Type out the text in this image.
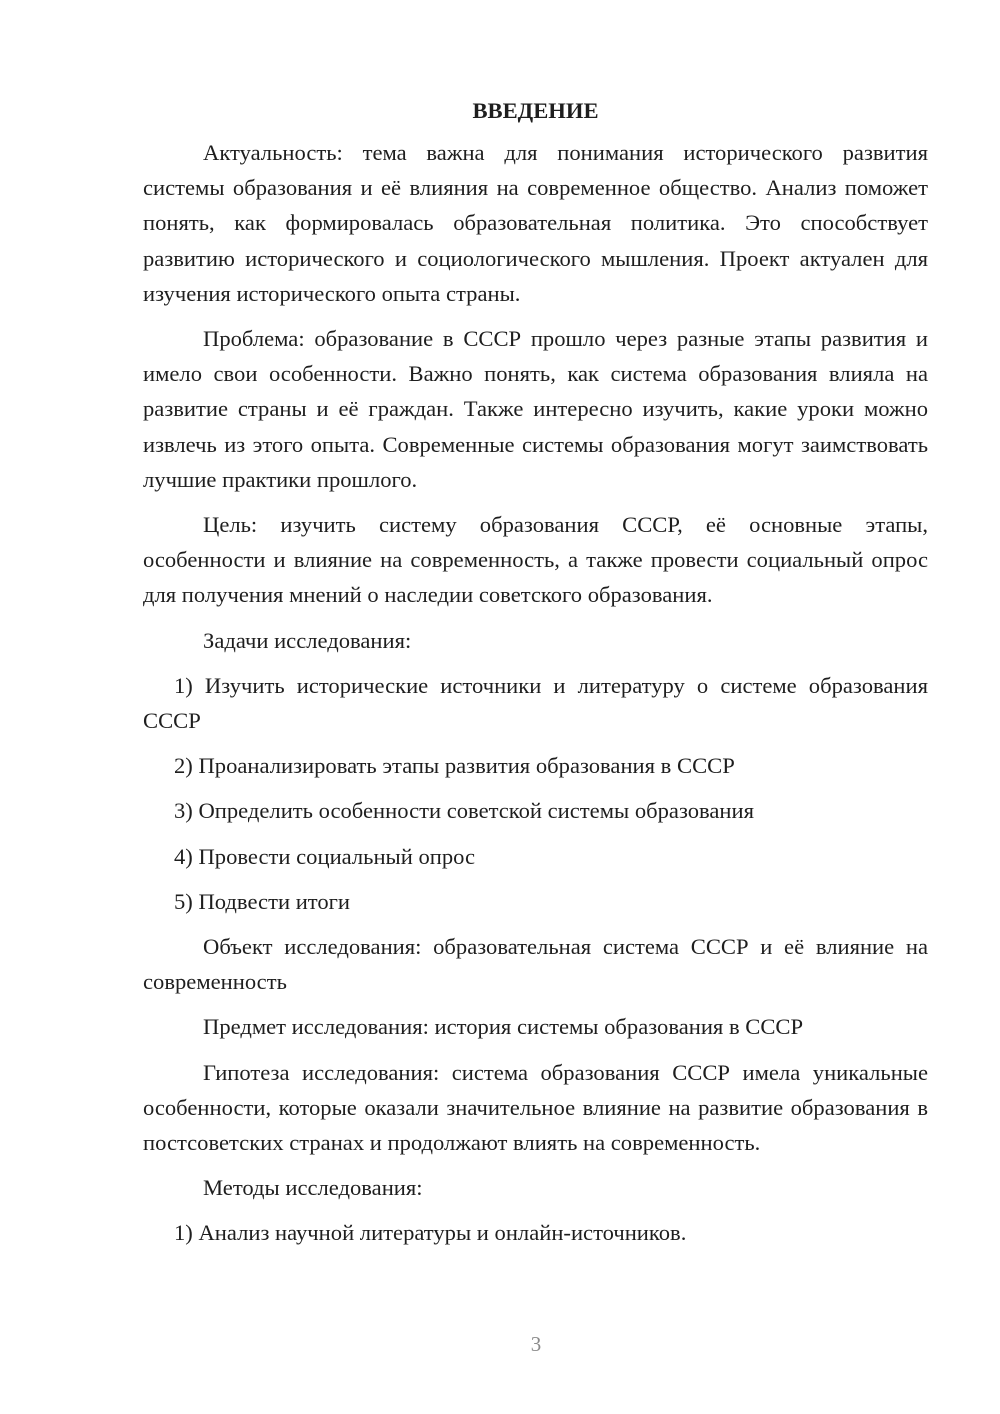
ВВЕДЕНИЕ

Актуальность: тема важна для понимания исторического развития системы образования и её влияния на современное общество. Анализ поможет понять, как формировалась образовательная политика. Это способствует развитию исторического и социологического мышления. Проект актуален для изучения исторического опыта страны.

Проблема: образование в СССР прошло через разные этапы развития и имело свои особенности. Важно понять, как система образования влияла на развитие страны и её граждан. Также интересно изучить, какие уроки можно извлечь из этого опыта. Современные системы образования могут заимствовать лучшие практики прошлого.

Цель: изучить систему образования СССР, её основные этапы, особенности и влияние на современность, а также провести социальный опрос для получения мнений о наследии советского образования.

Задачи исследования:

1) Изучить исторические источники и литературу о системе образования СССР

2) Проанализировать этапы развития образования в СССР

3) Определить особенности советской системы образования

4) Провести социальный опрос

5) Подвести итоги

Объект исследования: образовательная система СССР и её влияние на современность

Предмет исследования: история системы образования в СССР

Гипотеза исследования: система образования СССР имела уникальные особенности, которые оказали значительное влияние на развитие образования в постсоветских странах и продолжают влиять на современность.

Методы исследования:

1) Анализ научной литературы и онлайн-источников.

3
